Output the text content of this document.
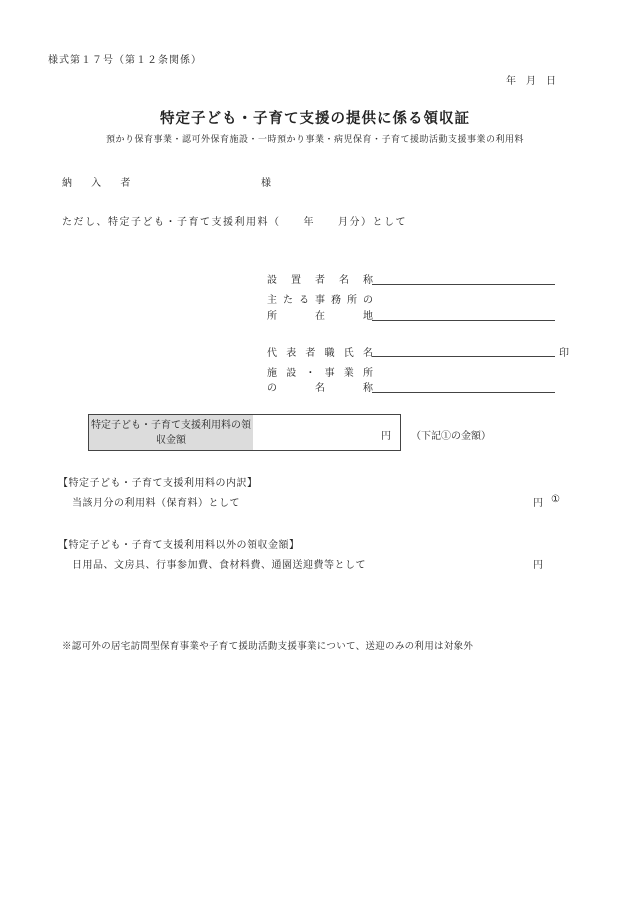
様式第１７号（第１２条関係）
年　月　日
特定子ども・子育て支援の提供に係る領収証
預かり保育事業・認可外保育施設・一時預かり事業・病児保育・子育て援助活動支援事業の利用料
納 入 者	様
ただし、特定子ども・子育て支援利用料（　　年　　月分）として
設置者名称
主たる事務所の
所在地
代表者職氏名	印
施設・事業所
の名称
特定子ども・子育て支援利用料の領収金額	円 （下記①の金額）
【特定子ども・子育て支援利用料の内訳】
当該月分の利用料（保育料）として	円 ①
【特定子ども・子育て支援利用料以外の領収金額】
日用品、文房具、行事参加費、食材料費、通園送迎費等として	円
※認可外の居宅訪問型保育事業や子育て援助活動支援事業について、送迎のみの利用は対象外
